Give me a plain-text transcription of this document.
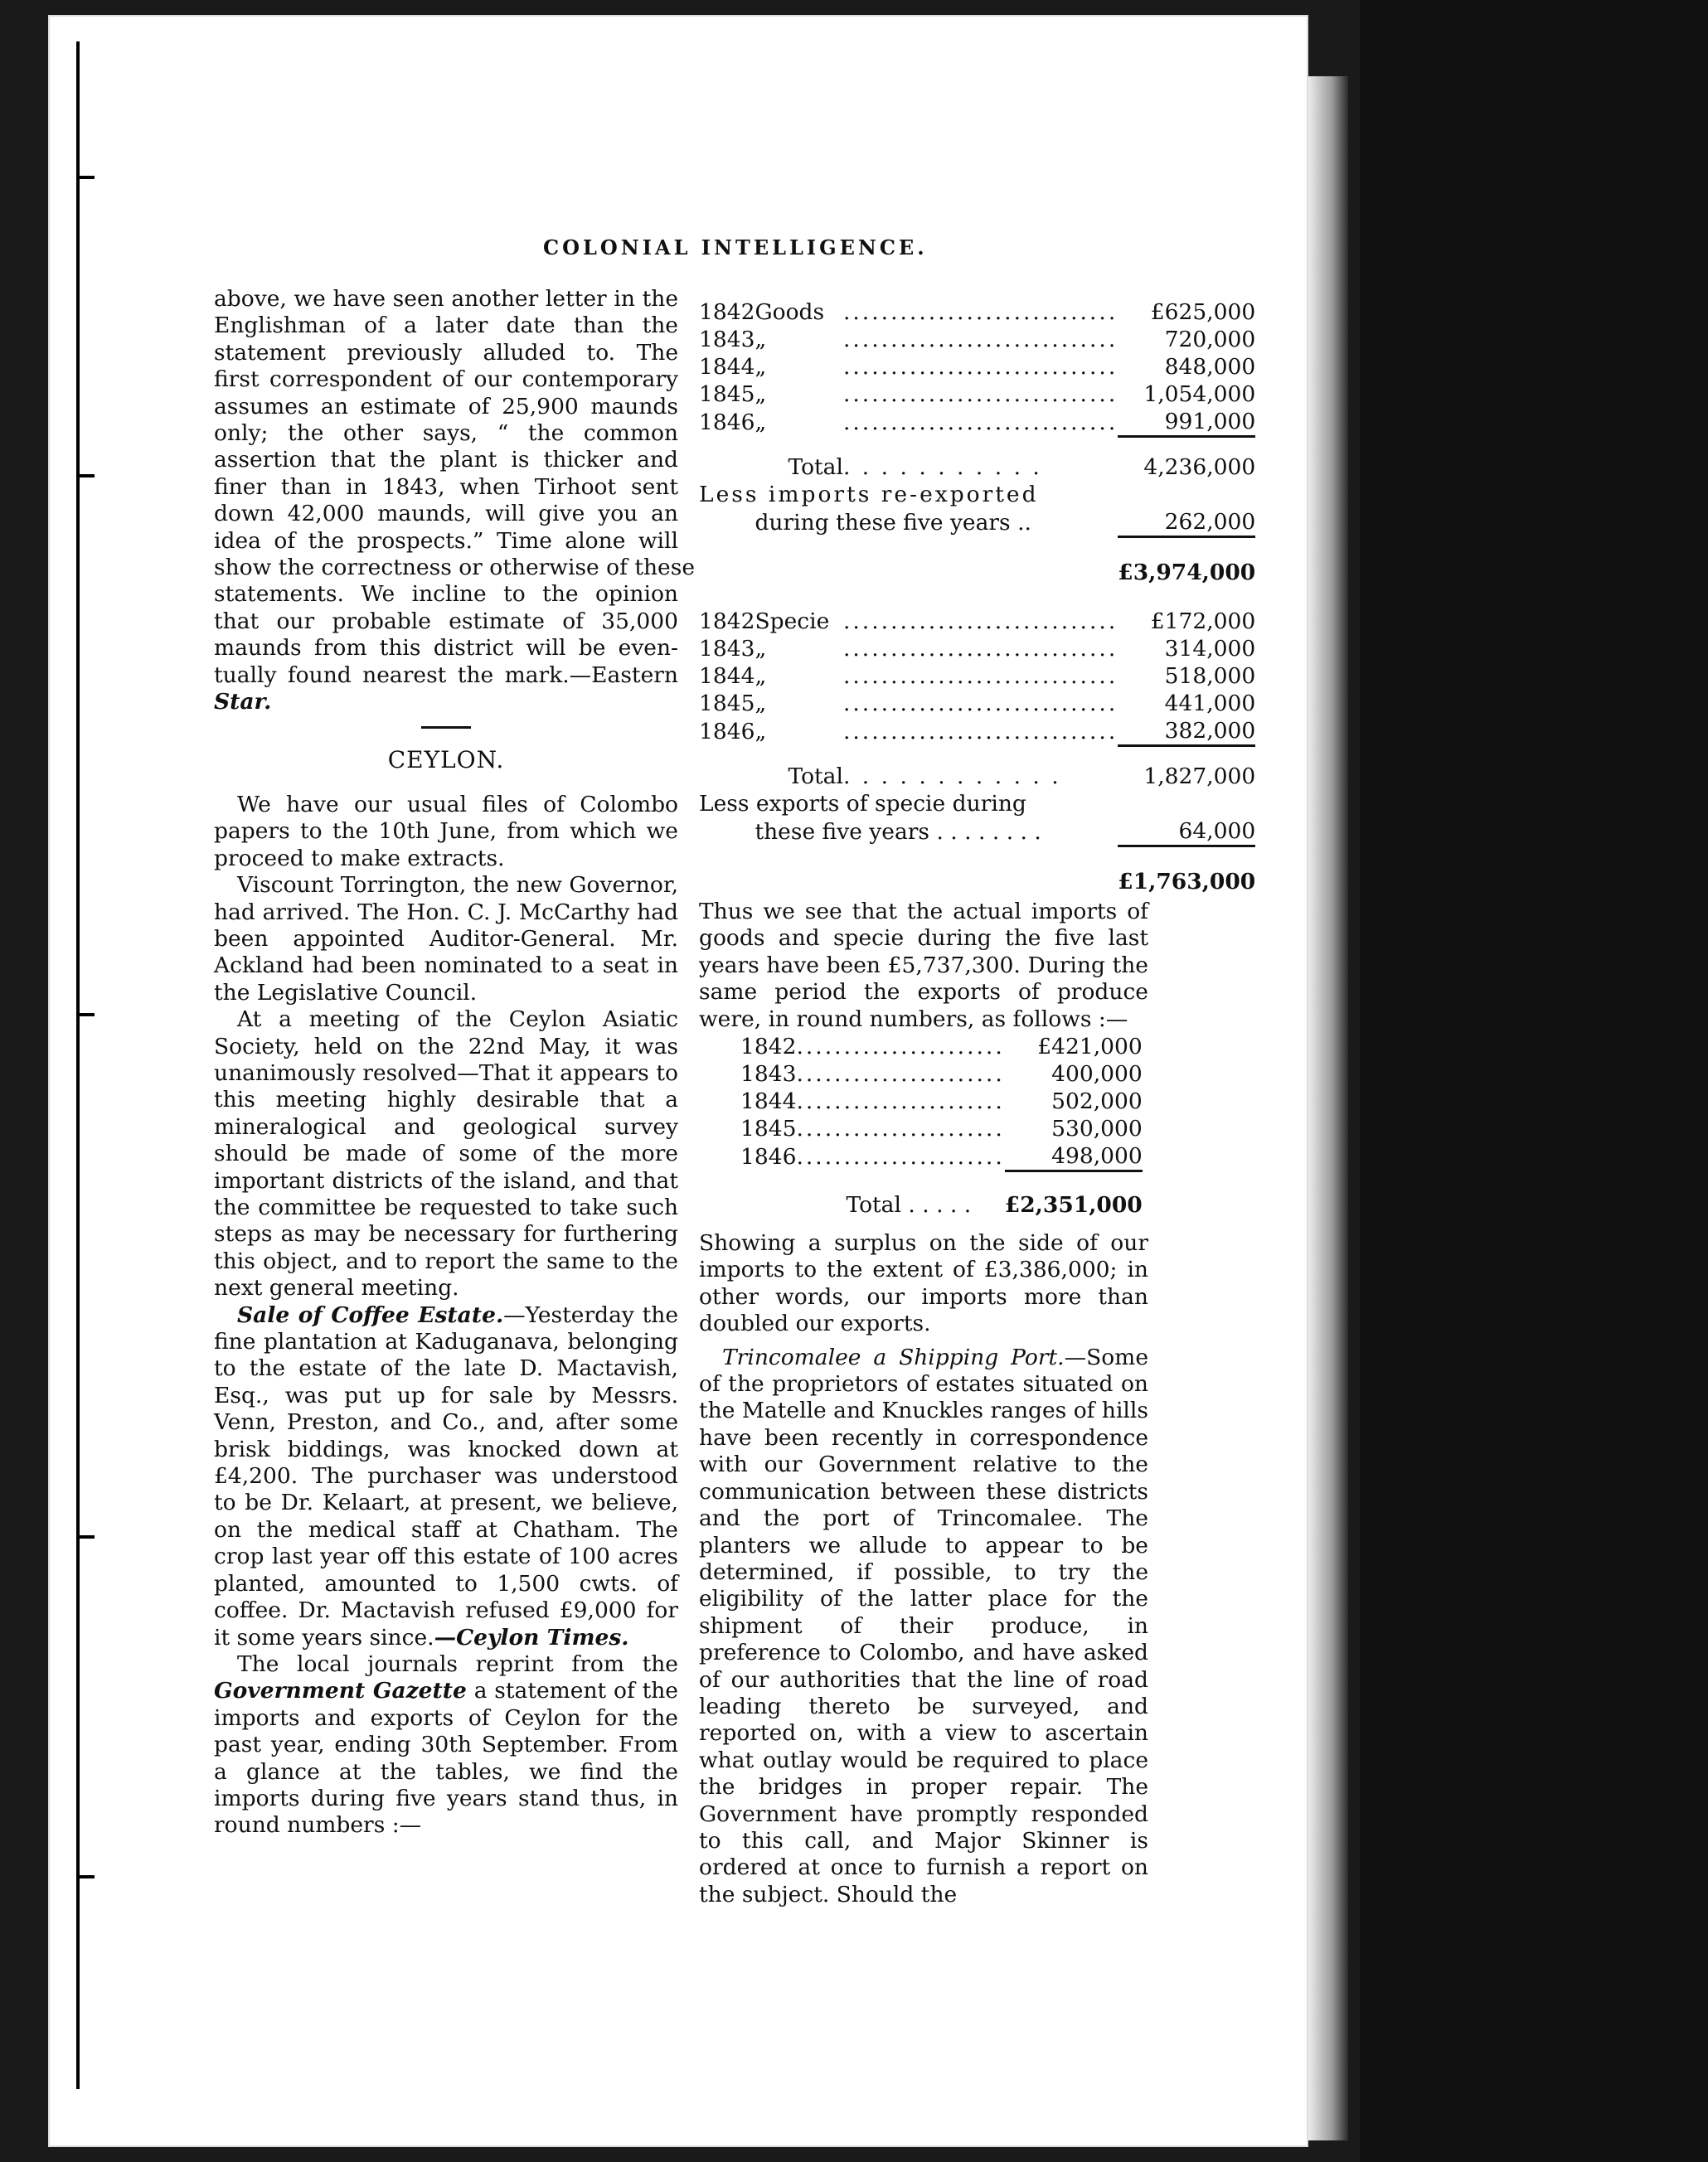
COLONIAL INTELLIGENCE.
501

above, we have seen another letter in the

Englishman of a later date than the

statement previously alluded to. The

first correspondent of our contemporary

assumes an estimate of 25,900 maunds

only; the other says, “ the common

assertion that the plant is thicker and

finer than in 1843, when Tirhoot sent

down 42,000 maunds, will give you an

idea of the prospects.” Time alone will

show the correctness or otherwise of these

statements. We incline to the opinion

that our probable estimate of 35,000

maunds from this district will be even-

tually found nearest the mark.—Eastern

Star.

CEYLON.

We have our usual files of Colombo papers to the 10th June, from which we proceed to make extracts.

Viscount Torrington, the new Governor, had arrived. The Hon. C. J. McCarthy had been appointed Auditor-General. Mr. Ackland had been nominated to a seat in the Legislative Council.

At a meeting of the Ceylon Asiatic Society, held on the 22nd May, it was unanimously resolved—That it appears to this meeting highly desirable that a mineralogical and geological survey should be made of some of the more important districts of the island, and that the committee be requested to take such steps as may be necessary for furthering this object, and to report the same to the next general meeting.

Sale of Coffee Estate.—Yesterday the fine plantation at Kaduganava, belonging to the estate of the late D. Mactavish, Esq., was put up for sale by Messrs. Venn, Preston, and Co., and, after some brisk biddings, was knocked down at £4,200. The purchaser was understood to be Dr. Kelaart, at present, we believe, on the medical staff at Chatham. The crop last year off this estate of 100 acres planted, amounted to 1,500 cwts. of coffee. Dr. Mactavish refused £9,000 for it some years since.—Ceylon Times.

The local journals reprint from the Government Gazette a statement of the imports and exports of Ceylon for the past year, ending 30th September. From a glance at the tables, we find the imports during five years stand thus, in round numbers :—

1842	Goods	.............................	£625,000
1843	„	.............................	720,000
1844	„	.............................	848,000
1845	„	.............................	1,054,000
1846	„	.............................	991,000
	Total	. . . . . . . . . . .	4,236,000
Less imports re-exported			
	during these five years ..		262,000
			£3,974,000
1842	Specie	.............................	£172,000
1843	„	.............................	314,000
1844	„	.............................	518,000
1845	„	.............................	441,000
1846	„	.............................	382,000
	Total	. . . . . . . . . . . .	1,827,000
Less exports of specie during			
	these five years . . . . . . . .		64,000
			£1,763,000

Thus we see that the actual imports of goods and specie during the five last years have been £5,737,300. During the same period the exports of produce were, in round numbers, as follows :—

1842	......................	£421,000
1843	......................	400,000
1844	......................	502,000
1845	......................	530,000
1846	......................	498,000
	Total . . . . .	£2,351,000

Showing a surplus on the side of our imports to the extent of £3,386,000; in other words, our imports more than doubled our exports.

Trincomalee a Shipping Port.—Some of the proprietors of estates situated on the Matelle and Knuckles ranges of hills have been recently in correspondence with our Government relative to the communication between these districts and the port of Trincomalee. The planters we allude to appear to be determined, if possible, to try the eligibility of the latter place for the shipment of their produce, in preference to Colombo, and have asked of our authorities that the line of road leading thereto be surveyed, and reported on, with a view to ascertain what outlay would be required to place the bridges in proper repair. The Government have promptly responded to this call, and Major Skinner is ordered at once to furnish a report on the subject. Should the
